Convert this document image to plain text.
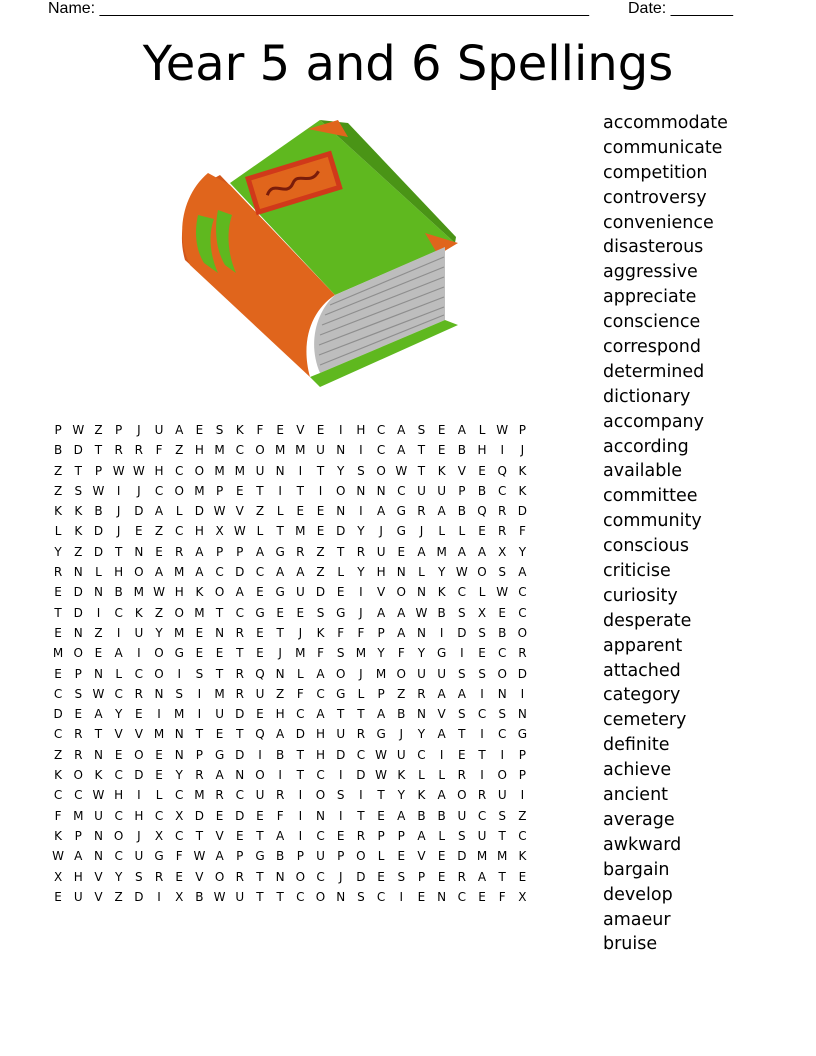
Name: _______________________________________________________ Date: _______
Year 5 and 6 Spellings
P W Z	P	J	U A	E	S	K	F	E	V	E	I	H C A	S	E	A	L W P
B D T	R R	F	Z H M C O M M U N	I	C A	T	E	B H	I	J
Z	T	P W W H C O M M U N	I	T	Y	S O W T	K	V	E Q K
Z	S W	I	J	C O M P	E	T	I	T	I	O N N C U U	P	B C	K
K	K	B	J	D A	L	D W V Z	L	E	E N	I	A G R A B Q R D
L	K D	J	E	Z C H X W L	T M E D Y	J	G	J	L	L	E	R	F
Y	Z D T	N E	R A	P	P	A G R Z	T	R U	E	A M A A X	Y
R N	L	H O A M A C D C A A Z	L	Y	H N	L	Y W O S	A
E D N B M W H K O A	E G U D E	I	V O N K	C	L W C
T D	I	C	K	Z O M T	C G E	E	S G	J	A A W B	S	X	E	C
E N Z	I	U	Y M E N R	E	T	J	K	F	F	P	A N	I	D S	B O
M O E	A	I	O G E	E	T	E	J	M F	S M Y	F	Y G	I	E	C R
E	P	N	L	C O	I	S	T	R Q N	L	A O	J	M O U U S	S O D
C	S W C R N S	I	M R U Z	F	C G	L	P	Z R A A	I	N	I
D E	A	Y	E	I	M	I	U D E H C A	T	T	A B N V	S	C	S N
C R	T	V V M N	T	E	T Q A D H U R G	J	Y	A	T	I	C G
Z R N E O E N	P G D	I	B	T	H D C W U C	I	E	T	I	P
K O K	C D E	Y	R A N O	I	T	C	I	D W K	L	L	R	I	O P
C C W H	I	L	C M R C U R	I	O S	I	T	Y	K	A O R U	I
F M U C H C X D E D E	F	I	N	I	T	E	A B B U C	S	Z
K	P	N O	J	X C	T	V	E	T	A	I	C	E	R	P	P	A	L	S U	T	C
W A N C U G	F W A	P G B	P	U	P O	L	E	V	E D M M K
X H V	Y	S	R	E	V O R	T	N O C	J	D E	S	P	E	R A	T	E
E U V Z D	I	X B W U	T	T	C O N S	C	I	E N C	E	F	X
accommodate
communicate
competition
controversy
convenience
disasterous
aggressive
appreciate
conscience
correspond
determined
dictionary
accompany
according
available
committee
community
conscious
criticise
curiosity
desperate
apparent
attached
category
cemetery
definite
achieve
ancient
average
awkward
bargain
develop
amaeur
bruise
